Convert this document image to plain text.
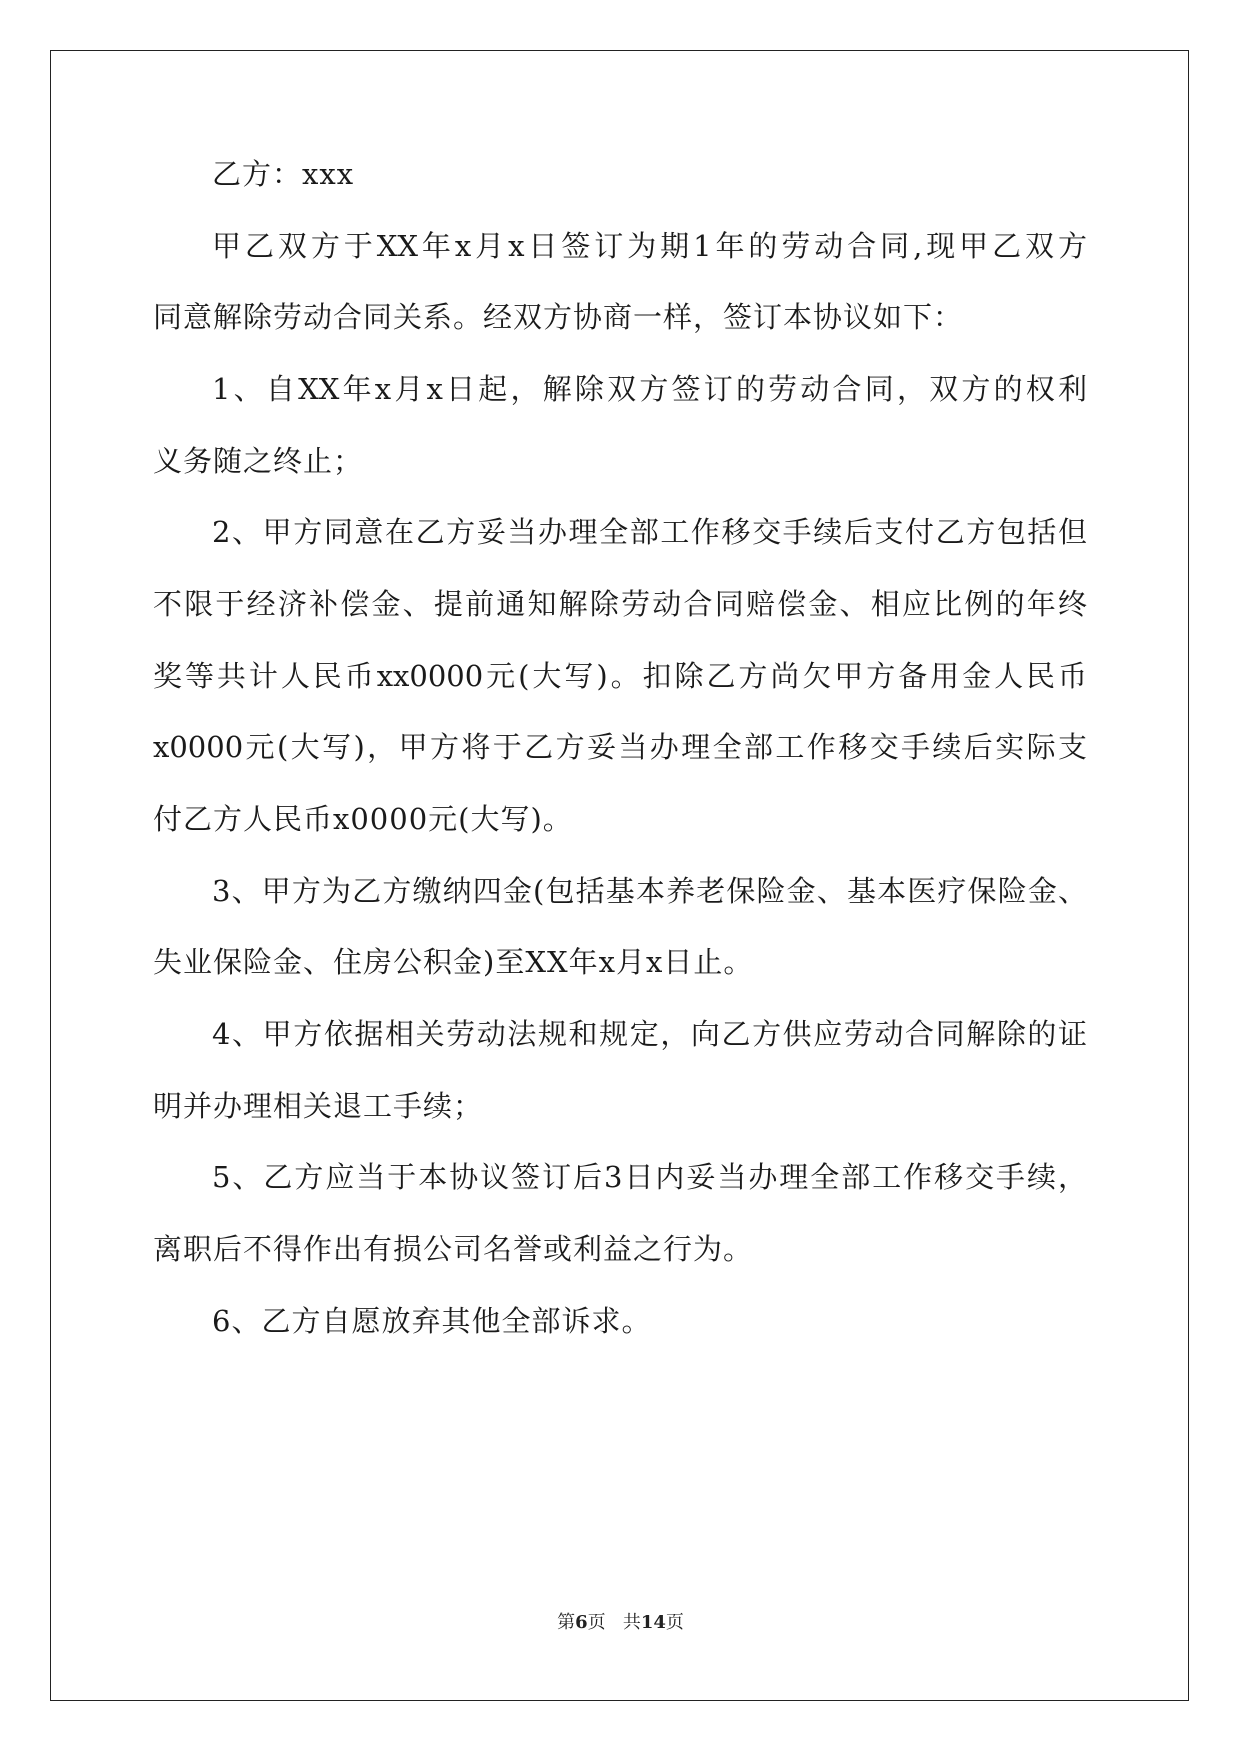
乙方：xxx
甲乙双方于XX年x月x日签订为期1年的劳动合同,现甲乙双方
同意解除劳动合同关系。经双方协商一样，签订本协议如下：
1、自XX年x月x日起，解除双方签订的劳动合同，双方的权利
义务随之终止；
2、甲方同意在乙方妥当办理全部工作移交手续后支付乙方包括但
不限于经济补偿金、提前通知解除劳动合同赔偿金、相应比例的年终
奖等共计人民币xx0000元(大写)。扣除乙方尚欠甲方备用金人民币
x0000元(大写)，甲方将于乙方妥当办理全部工作移交手续后实际支
付乙方人民币x0000元(大写)。
3、甲方为乙方缴纳四金(包括基本养老保险金、基本医疗保险金、
失业保险金、住房公积金)至XX年x月x日止。
4、甲方依据相关劳动法规和规定，向乙方供应劳动合同解除的证
明并办理相关退工手续；
5、乙方应当于本协议签订后3日内妥当办理全部工作移交手续，
离职后不得作出有损公司名誉或利益之行为。
6、乙方自愿放弃其他全部诉求。
第6页 共14页
